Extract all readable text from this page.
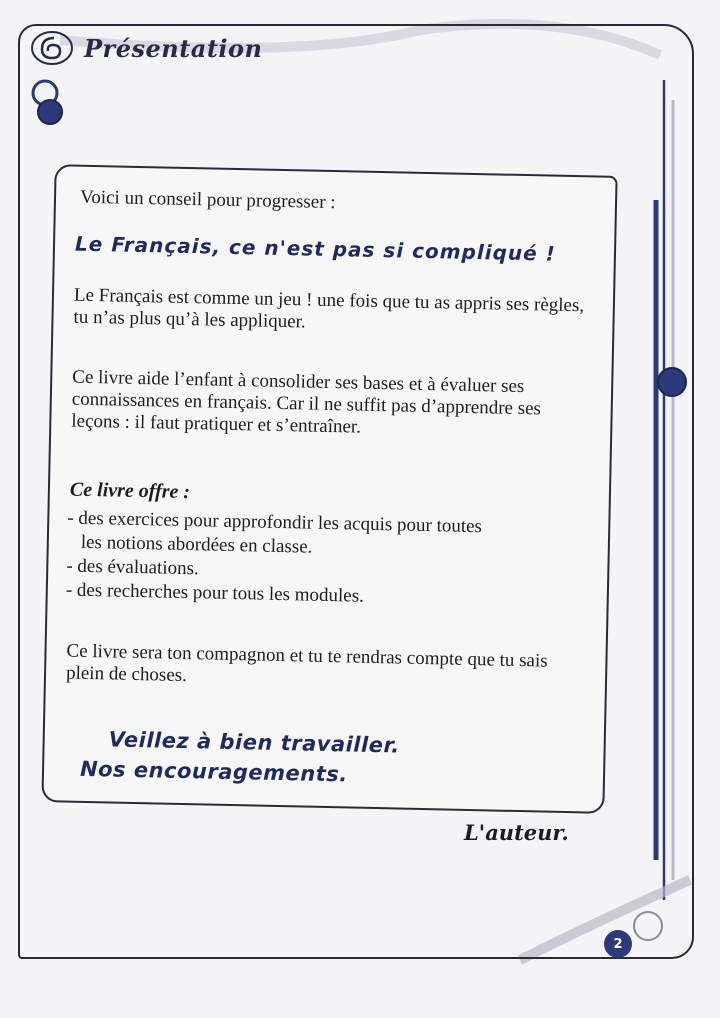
Présentation
Voici un conseil pour progresser :
Le Français, ce n'est pas si compliqué !
Le Français est comme un jeu ! une fois que tu as appris ses règles, tu n’as plus qu’à les appliquer.
Ce livre aide l’enfant à consolider ses bases et à évaluer ses connaissances en français. Car il ne suffit pas d’apprendre ses leçons : il faut pratiquer et s’entraîner.
Ce livre offre :
- des exercices pour approfondir les acquis pour toutes
les notions abordées en classe.
- des évaluations.
- des recherches pour tous les modules.
Ce livre sera ton compagnon et tu te rendras compte que tu sais plein de choses.
Veillez à bien travailler.
Nos encouragements.
L'auteur.
2
